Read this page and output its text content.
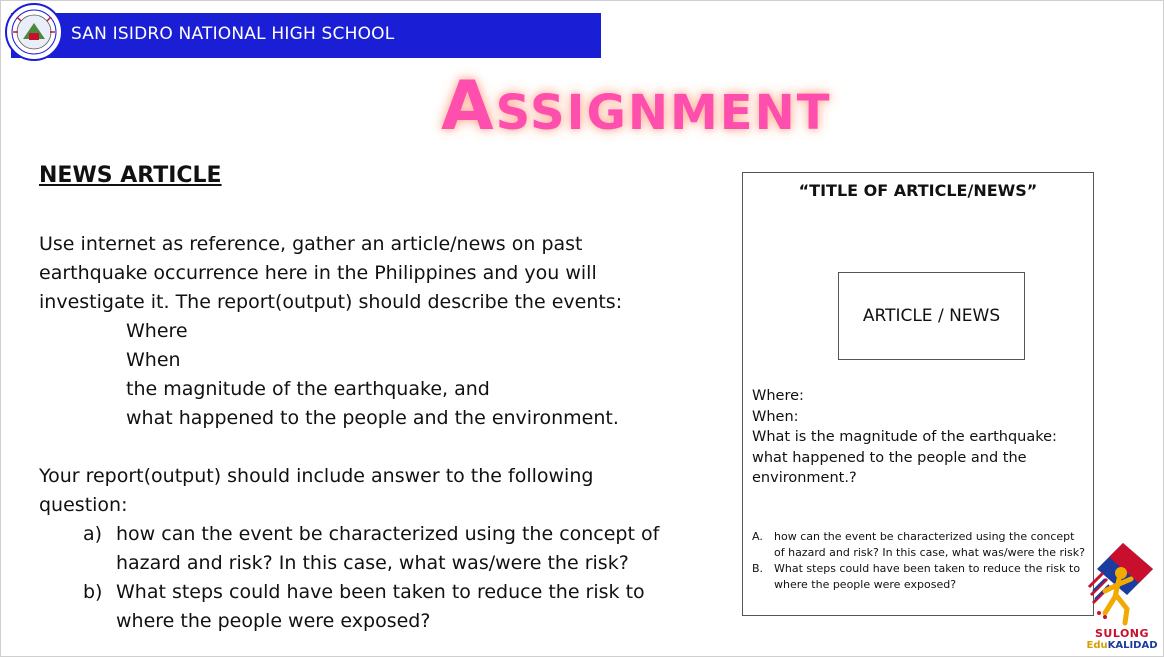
SAN ISIDRO NATIONAL HIGH SCHOOL
Assignment
NEWS ARTICLE
Use internet as reference, gather an article/news on past earthquake occurrence here in the Philippines and you will investigate it. The report(output) should describe the events:
Where
When
the magnitude of the earthquake, and
what happened to the people and the environment.
Your report(output) should include answer to the following question:
a) how can the event be characterized using the concept of hazard and risk? In this case, what was/were the risk?
b) What steps could have been taken to reduce the risk to where the people were exposed?
“TITLE OF ARTICLE/NEWS”
ARTICLE / NEWS
Where:
When:
What is the magnitude of the earthquake:
what happened to the people and the environment.?
A. how can the event be characterized using the concept of hazard and risk? In this case, what was/were the risk?
B. What steps could have been taken to reduce the risk to where the people were exposed?
SULONG
EduKALIDAD
